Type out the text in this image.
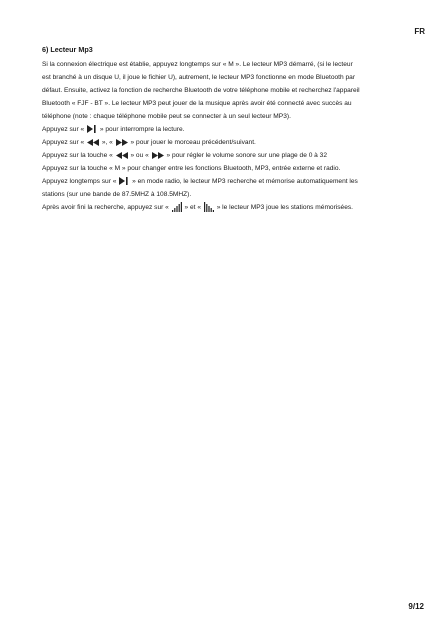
FR
6) Lecteur Mp3
Si la connexion électrique est établie, appuyez longtemps sur « M ». Le lecteur MP3 démarré, (si le lecteur
est branché à un disque U, il joue le fichier U), autrement, le lecteur MP3 fonctionne en mode Bluetooth par
défaut. Ensuite, activez la fonction de recherche Bluetooth de votre téléphone mobile et recherchez l'appareil
Bluetooth « FJF - BT ». Le lecteur MP3 peut jouer de la musique après avoir été connecté avec succès au
téléphone (note : chaque téléphone mobile peut se connecter à un seul lecteur MP3).
Appuyez sur « » pour interrompre la lecture.
Appuyez sur «	», «	» pour jouer le morceau précédent/suivant.
Appuyez sur la touche «	» ou «	» pour régler le volume sonore sur une plage de 0 à 32
Appuyez sur la touche « M » pour changer entre les fonctions Bluetooth, MP3, entrée externe et radio.
Appuyez longtemps sur « » en mode radio, le lecteur MP3 recherche et mémorise automatiquement les
stations (sur une bande de 87.5MHZ à 108.5MHZ).
Après avoir fini la recherche, appuyez sur « » et « » le lecteur MP3 joue les stations mémorisées.
9/12
